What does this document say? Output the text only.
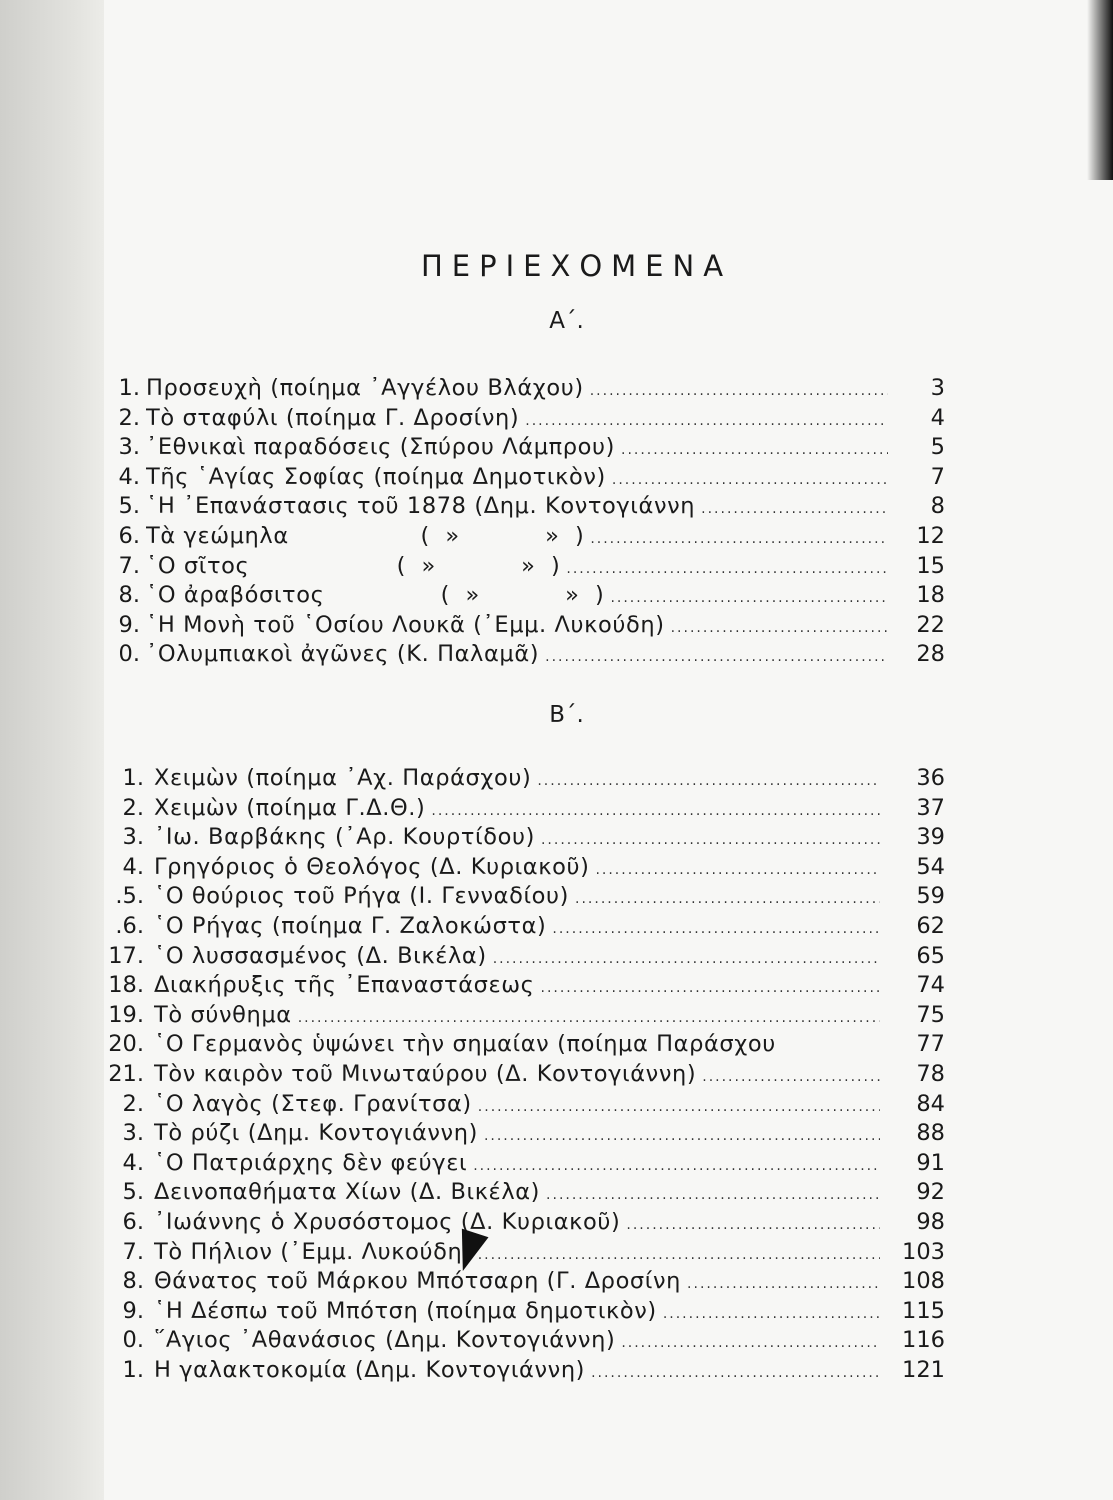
ΠΕΡΙΕΧΟΜΕΝΑ
Α΄.
1. Προσευχὴ (ποίημα ᾿Αγγέλου Βλάχου) .....	3
2. Τὸ σταφύλι (ποίημα Γ. Δροσίνη) .....	4
3. ᾿Εθνικαὶ παραδόσεις (Σπύρου Λάμπρου) .....	5
4. Τῆς ῾Αγίας Σοφίας (ποίημα Δημοτικὸν) .....	7
5. ῾Η ᾿Επανάστασις τοῦ 1878 (Δημ. Κοντογιάννη .....	8
6. Τὰ γεώμηλα                 (  »           »  ) .....	12
7. ῾Ο σῖτος                   (  »           »  ) .....	15
8. ῾Ο ἀραβόσιτος               (  »           »  ) .....	18
9. ῾Η Μονὴ τοῦ ῾Οσίου Λουκᾶ (᾿Εμμ. Λυκούδη) .....	22
0. ᾿Ολυμπιακοὶ ἀγῶνες (Κ. Παλαμᾶ) .....	28
Β΄.
1. Χειμὼν (ποίημα ᾿Αχ. Παράσχου) .....	36
2. Χειμὼν (ποίημα Γ.Δ.Θ.) .....	37
3. ᾿Ιω. Βαρβάκης (᾿Αρ. Κουρτίδου) .....	39
4. Γρηγόριος ὁ Θεολόγος (Δ. Κυριακοῦ) .....	54
.5. ῾Ο θούριος τοῦ Ρήγα (Ι. Γενναδίου) .....	59
.6. ῾Ο Ρήγας (ποίημα Γ. Ζαλοκώστα) .....	62
17. ῾Ο λυσσασμένος (Δ. Βικέλα) .....	65
18. Διακήρυξις τῆς ᾿Επαναστάσεως .....	74
19. Τὸ σύνθημα .....	75
20. ῾Ο Γερμανὸς ὑψώνει τὴν σημαίαν (ποίημα Παράσχου	77
21. Τὸν καιρὸν τοῦ Μινωταύρου (Δ. Κοντογιάννη) .....	78
2. ῾Ο λαγὸς (Στεφ. Γρανίτσα) .....	84
3. Τὸ ρύζι (Δημ. Κοντογιάννη) .....	88
4. ῾Ο Πατριάρχης δὲν φεύγει .....	91
5. Δεινοπαθήματα Χίων (Δ. Βικέλα) .....	92
6. ᾿Ιωάννης ὁ Χρυσόστομος (Δ. Κυριακοῦ) .....	98
7. Τὸ Πήλιον (᾿Εμμ. Λυκούδη) .....	103
8. Θάνατος τοῦ Μάρκου Μπότσαρη (Γ. Δροσίνη .....	108
9. ῾Η Δέσπω τοῦ Μπότση (ποίημα δημοτικὸν) .....	115
0. ῞Αγιος ᾿Αθανάσιος (Δημ. Κοντογιάννη) .....	116
1. Η γαλακτοκομία (Δημ. Κοντογιάννη) .....	121
